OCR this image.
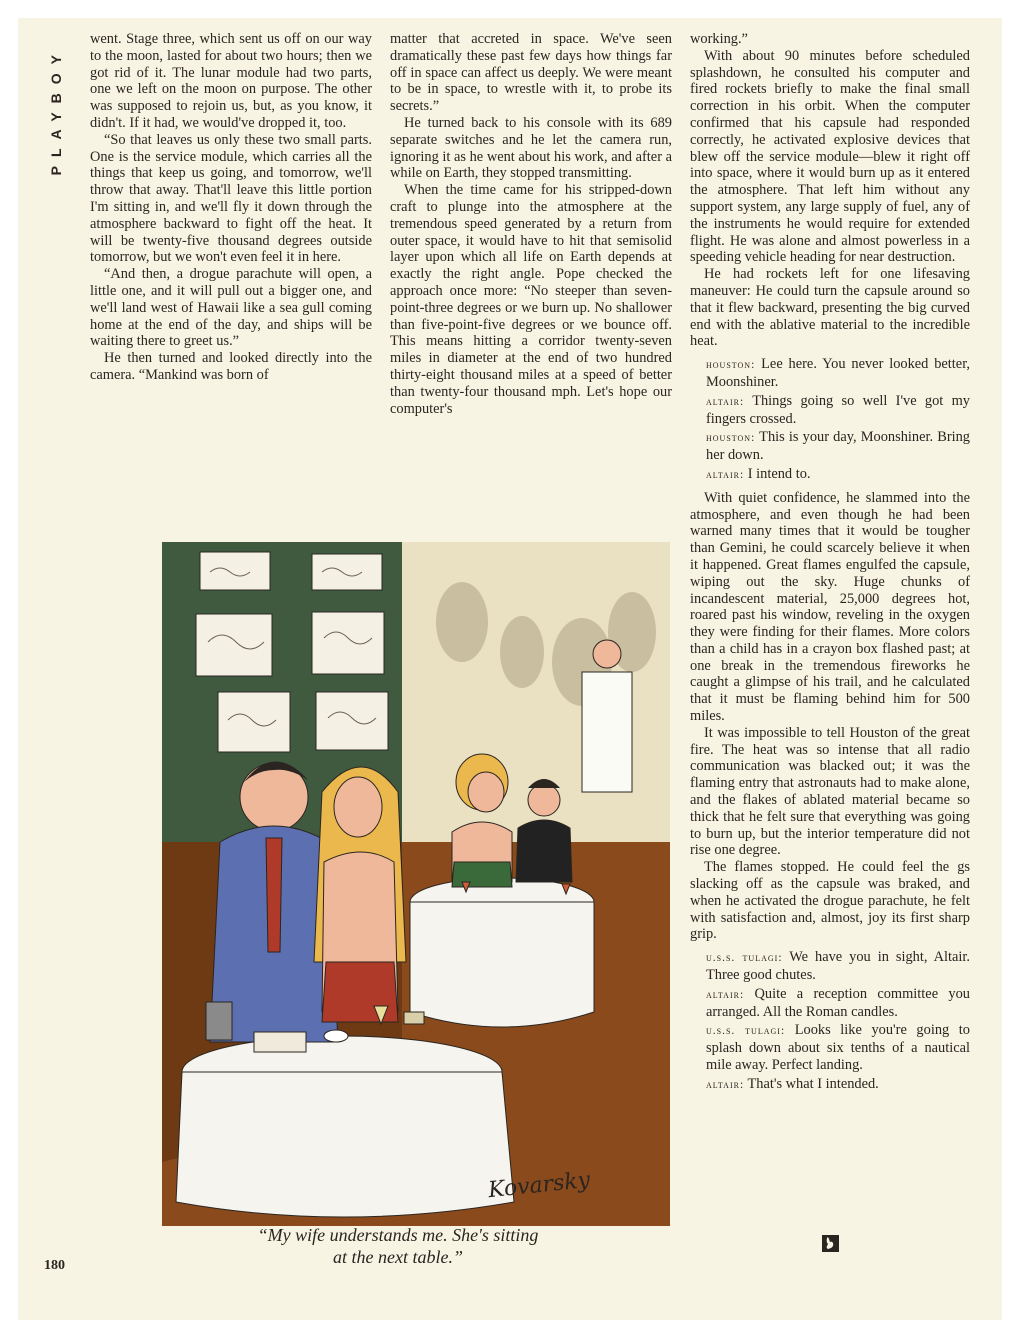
PLAYBOY

went. Stage three, which sent us off on our way to the moon, lasted for about two hours; then we got rid of it. The lunar module had two parts, one we left on the moon on purpose. The other was supposed to rejoin us, but, as you know, it didn't. If it had, we would've dropped it, too.

“So that leaves us only these two small parts. One is the service module, which carries all the things that keep us going, and tomorrow, we'll throw that away. That'll leave this little portion I'm sitting in, and we'll fly it down through the atmosphere backward to fight off the heat. It will be twenty-five thousand degrees outside tomorrow, but we won't even feel it in here.

“And then, a drogue parachute will open, a little one, and it will pull out a bigger one, and we'll land west of Hawaii like a sea gull coming home at the end of the day, and ships will be waiting there to greet us.”

He then turned and looked directly into the camera. “Mankind was born of

matter that accreted in space. We've seen dramatically these past few days how things far off in space can affect us deeply. We were meant to be in space, to wrestle with it, to probe its secrets.”

He turned back to his console with its 689 separate switches and he let the camera run, ignoring it as he went about his work, and after a while on Earth, they stopped transmitting.

When the time came for his stripped-down craft to plunge into the atmosphere at the tremendous speed generated by a return from outer space, it would have to hit that semisolid layer upon which all life on Earth depends at exactly the right angle. Pope checked the approach once more: “No steeper than seven-point-three degrees or we burn up. No shallower than five-point-five degrees or we bounce off. This means hitting a corridor twenty-seven miles in diameter at the end of two hundred thirty-eight thousand miles at a speed of better than twenty-four thousand mph. Let's hope our computer's

working.”

With about 90 minutes before scheduled splashdown, he consulted his computer and fired rockets briefly to make the final small correction in his orbit. When the computer confirmed that his capsule had responded correctly, he activated explosive devices that blew off the service module—blew it right off into space, where it would burn up as it entered the atmosphere. That left him without any support system, any large supply of fuel, any of the instruments he would require for extended flight. He was alone and almost powerless in a speeding vehicle heading for near destruction.

He had rockets left for one lifesaving maneuver: He could turn the capsule around so that it flew backward, presenting the big curved end with the ablative material to the incredible heat.

houston: Lee here. You never looked better, Moonshiner.

altair: Things going so well I've got my fingers crossed.

houston: This is your day, Moonshiner. Bring her down.

altair: I intend to.

With quiet confidence, he slammed into the atmosphere, and even though he had been warned many times that it would be tougher than Gemini, he could scarcely believe it when it happened. Great flames engulfed the capsule, wiping out the sky. Huge chunks of incandescent material, 25,000 degrees hot, roared past his window, reveling in the oxygen they were finding for their flames. More colors than a child has in a crayon box flashed past; at one break in the tremendous fireworks he caught a glimpse of his trail, and he calculated that it must be flaming behind him for 500 miles.

It was impossible to tell Houston of the great fire. The heat was so intense that all radio communication was blacked out; it was the flaming entry that astronauts had to make alone, and the flakes of ablated material became so thick that he felt sure that everything was going to burn up, but the interior temperature did not rise one degree.

The flames stopped. He could feel the gs slacking off as the capsule was braked, and when he activated the drogue parachute, he felt with satisfaction and, almost, joy its first sharp grip.

u.s.s. tulagi: We have you in sight, Altair. Three good chutes.

altair: Quite a reception committee you arranged. All the Roman candles.

u.s.s. tulagi: Looks like you're going to splash down about six tenths of a nautical mile away. Perfect landing.

altair: That's what I intended.

Kovarsky
“My wife understands me. She's sitting
at the next table.”
180
